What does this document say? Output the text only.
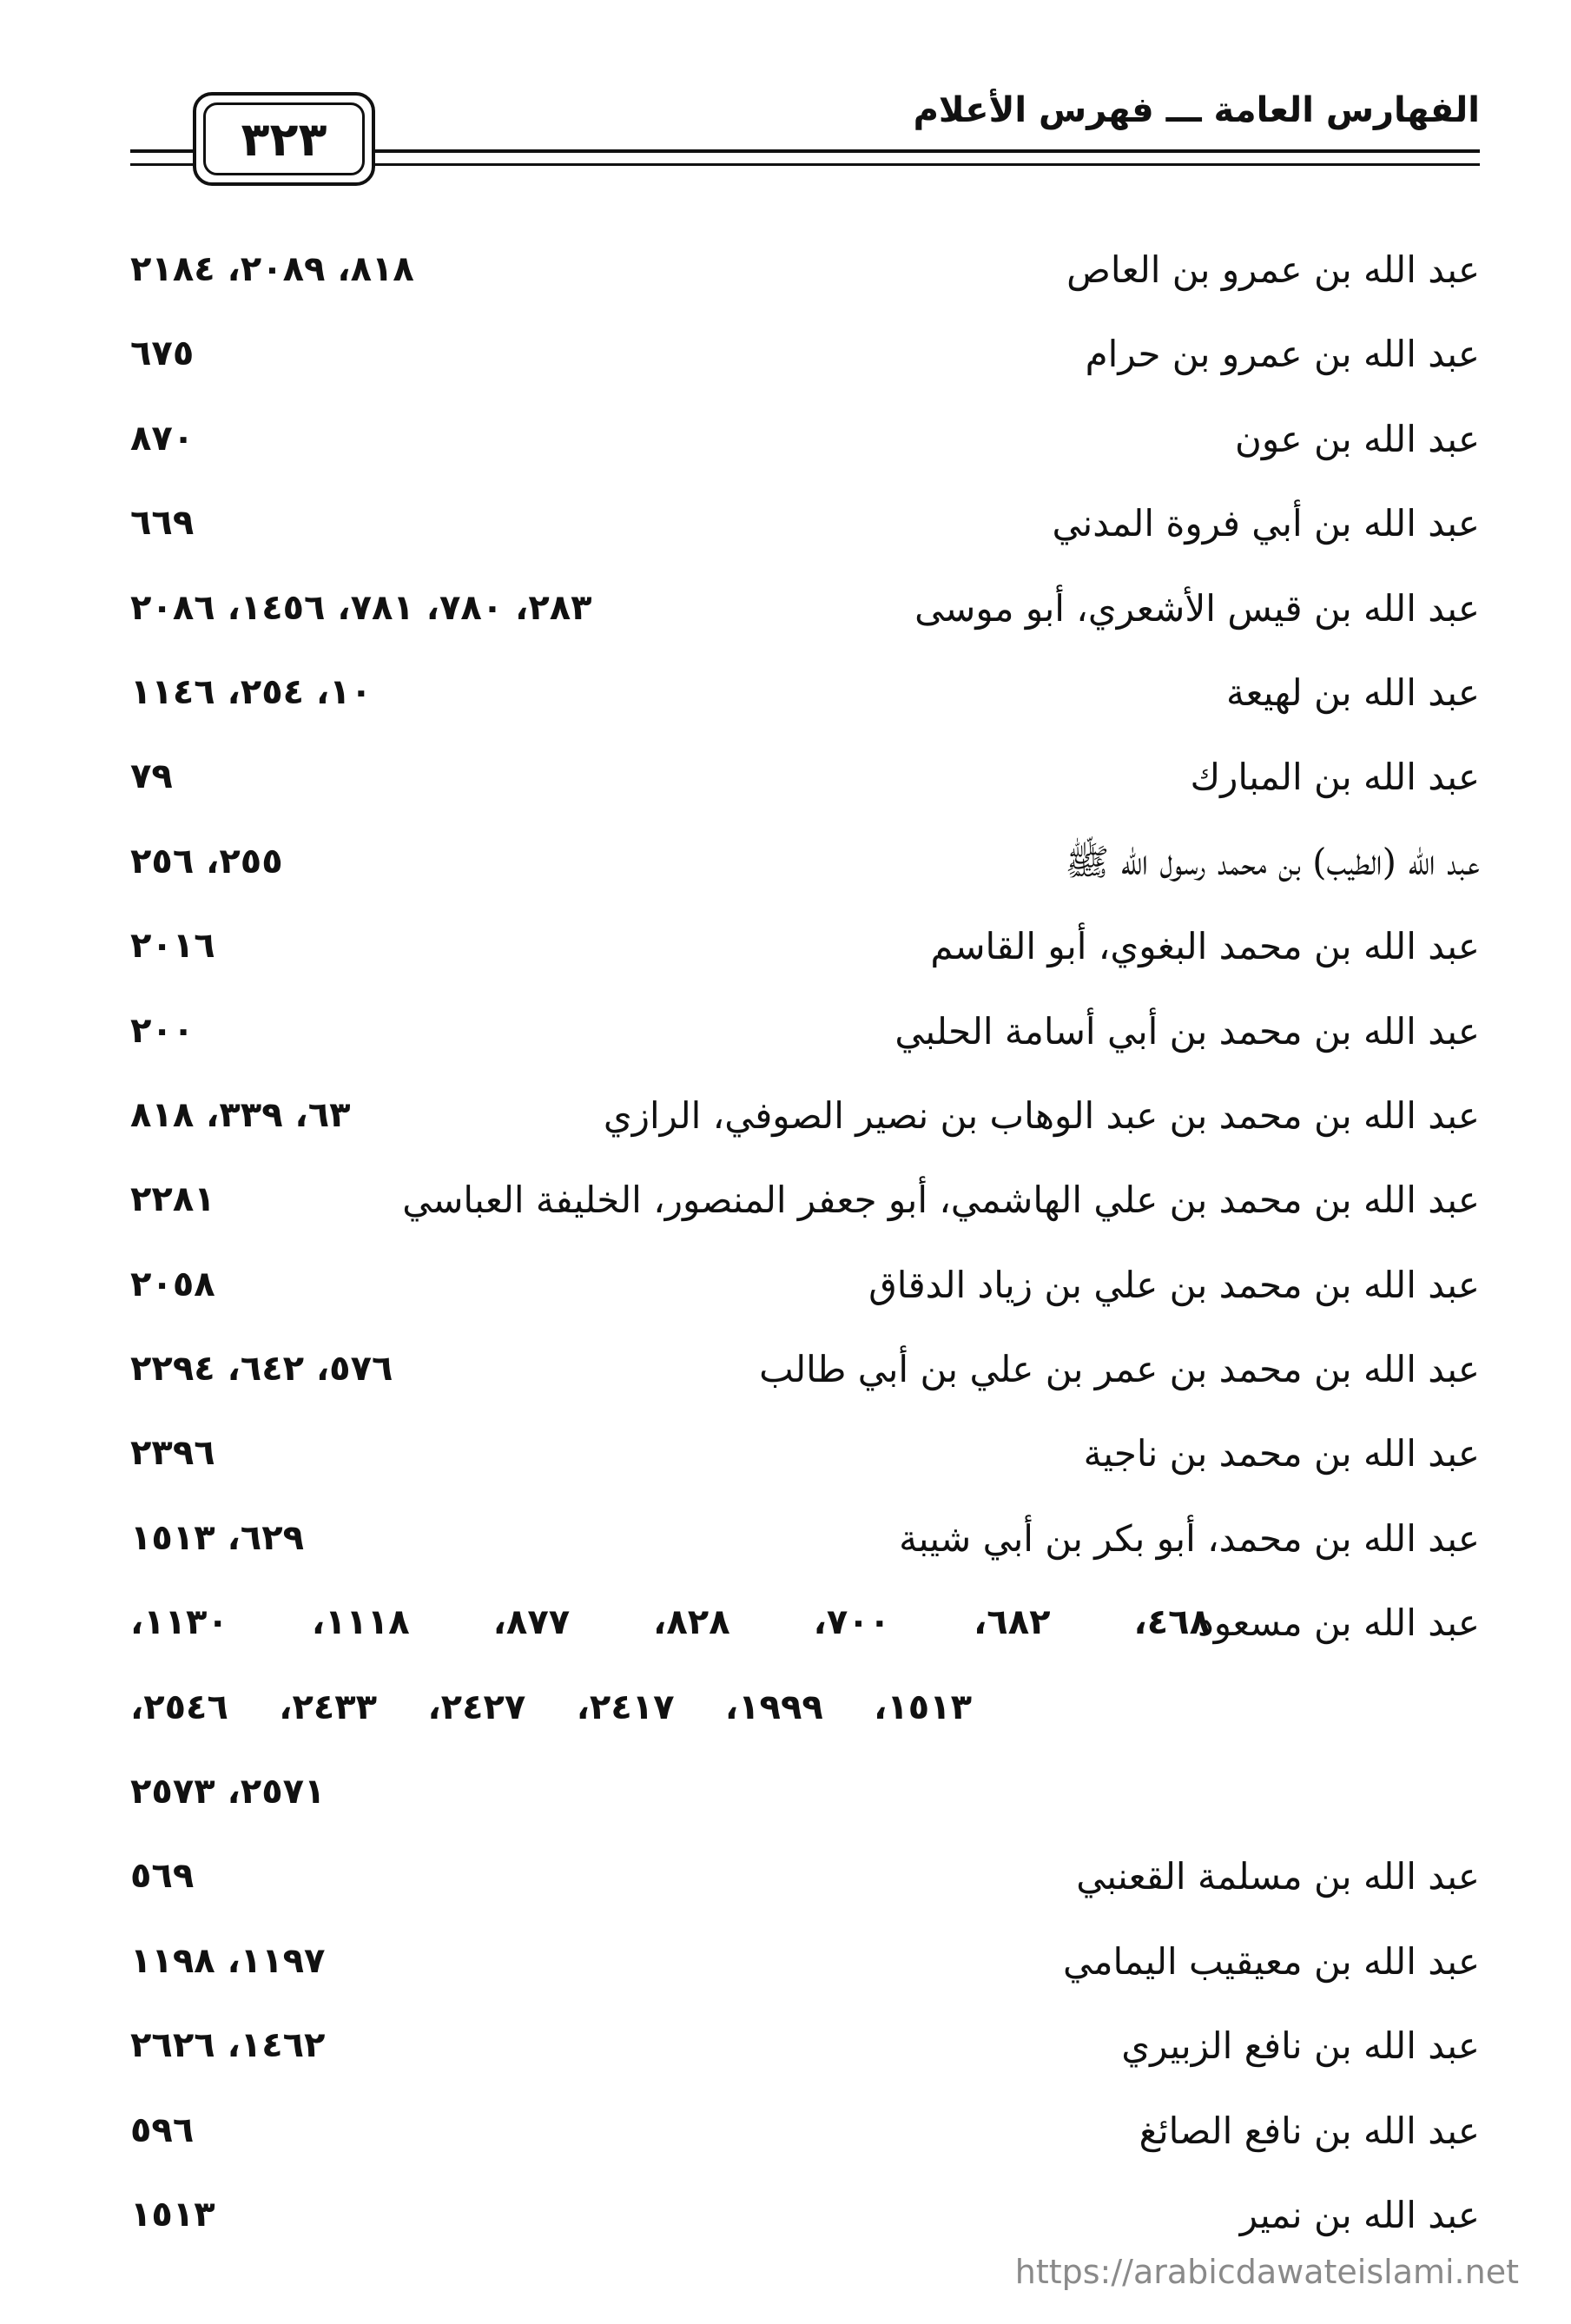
الفهارس العامة ـــ فهرس الأعلام
٣٢٣
عبد الله بن عمرو بن العاص
٨١٨، ٢٠٨٩، ٢١٨٤
عبد الله بن عمرو بن حرام
٦٧٥
عبد الله بن عون
٨٧٠
عبد الله بن أبي فروة المدني
٦٦٩
عبد الله بن قيس الأشعري، أبو موسى
٢٨٣، ٧٨٠، ٧٨١، ١٤٥٦، ٢٠٨٦
عبد الله بن لهيعة
١٠، ٢٥٤، ١١٤٦
عبد الله بن المبارك
٧٩
عبد الله (الطيب) بن محمد رسول الله ﷺ
٢٥٥، ٢٥٦
عبد الله بن محمد البغوي، أبو القاسم
٢٠١٦
عبد الله بن محمد بن أبي أسامة الحلبي
٢٠٠
عبد الله بن محمد بن عبد الوهاب بن نصير الصوفي، الرازي
٦٣، ٣٣٩، ٨١٨
عبد الله بن محمد بن علي الهاشمي، أبو جعفر المنصور، الخليفة العباسي
٢٢٨١
عبد الله بن محمد بن علي بن زياد الدقاق
٢٠٥٨
عبد الله بن محمد بن عمر بن علي بن أبي طالب
٥٧٦، ٦٤٢، ٢٢٩٤
عبد الله بن محمد بن ناجية
٢٣٩٦
عبد الله بن محمد، أبو بكر بن أبي شيبة
٦٢٩، ١٥١٣
عبد الله بن مسعود
٤٦٨، ٦٨٢، ٧٠٠، ٨٢٨، ٨٧٧، ١١١٨، ١١٣٠،
١٥١٣، ١٩٩٩، ٢٤١٧، ٢٤٢٧، ٢٤٣٣، ٢٥٤٦،
٢٥٧١، ٢٥٧٣
عبد الله بن مسلمة القعنبي
٥٦٩
عبد الله بن معيقيب اليمامي
١١٩٧، ١١٩٨
عبد الله بن نافع الزبيري
١٤٦٢، ٢٦٢٦
عبد الله بن نافع الصائغ
٥٩٦
عبد الله بن نمير
١٥١٣
https://arabicdawateislami.net
